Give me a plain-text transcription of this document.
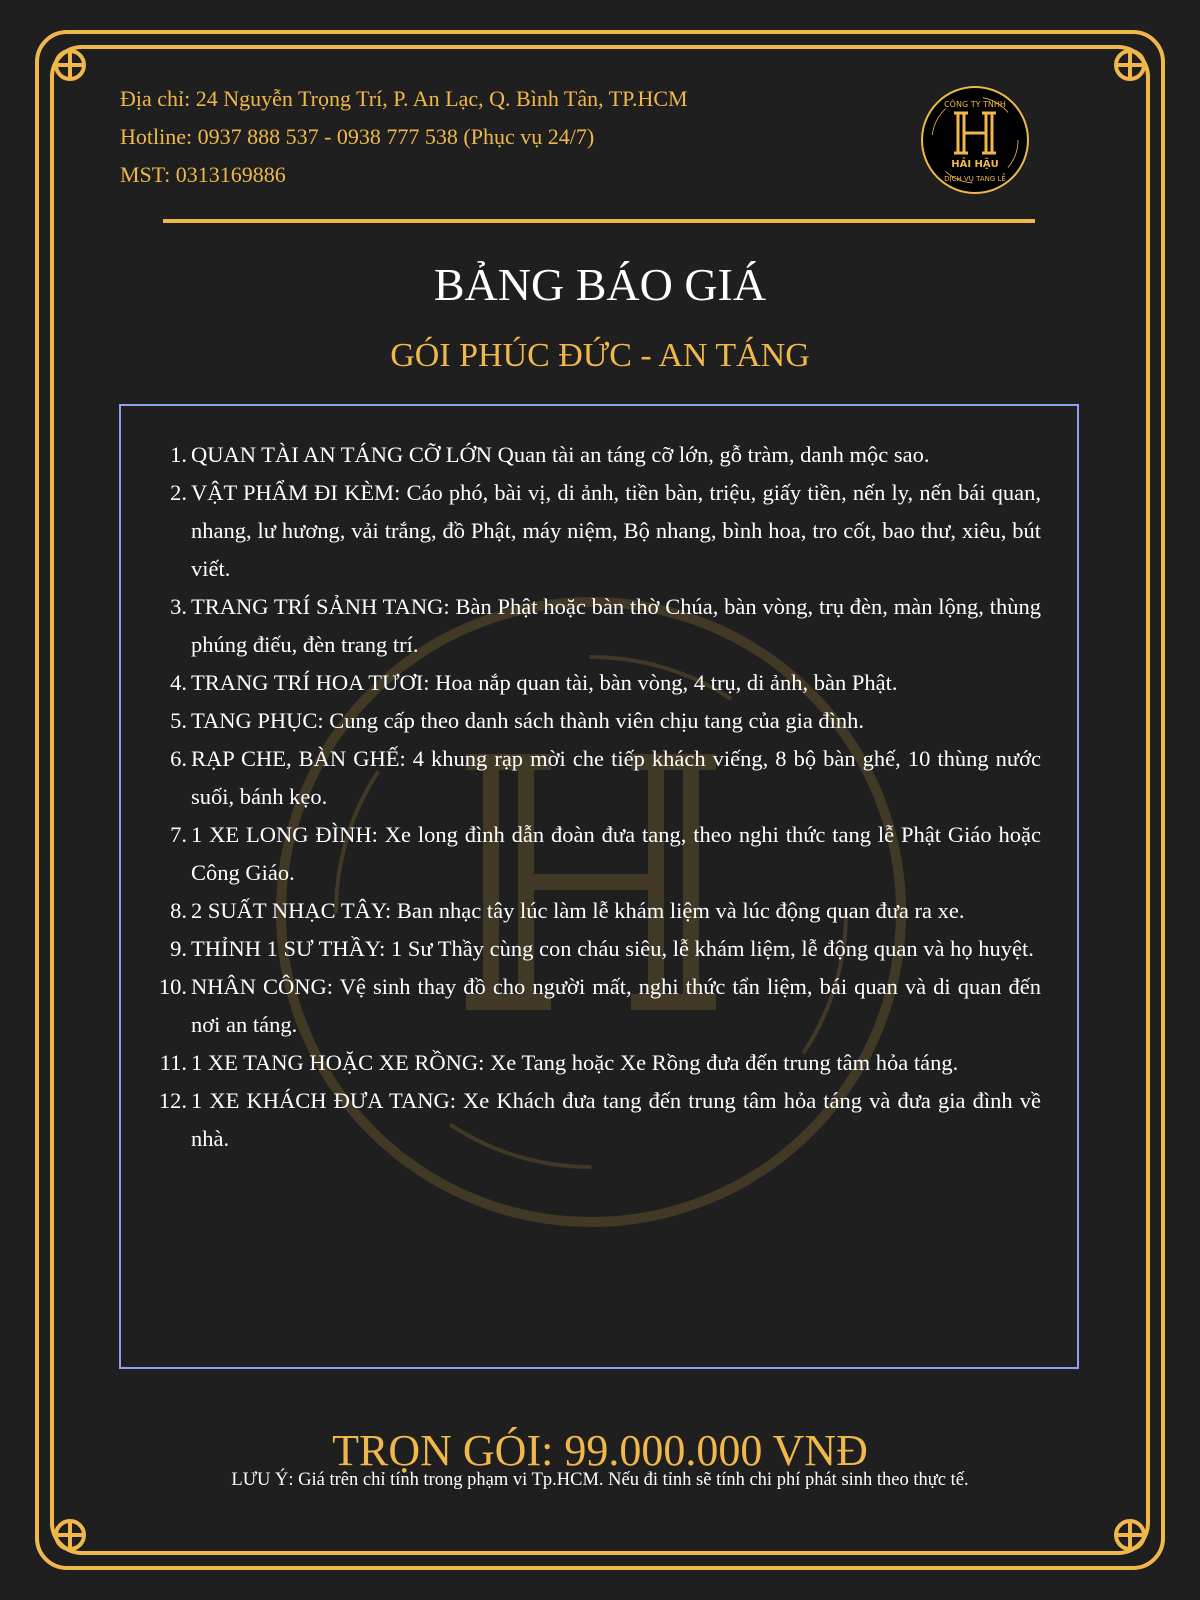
Địa chỉ: 24 Nguyễn Trọng Trí, P. An Lạc, Q. Bình Tân, TP.HCM
Hotline: 0937 888 537 - 0938 777 538 (Phục vụ 24/7)
MST: 0313169886
CÔNG TY TNHH
HẢI HẬU
DỊCH VỤ TANG LỄ
BẢNG BÁO GIÁ
GÓI PHÚC ĐỨC - AN TÁNG
1. QUAN TÀI AN TÁNG CỠ LỚN Quan tài an táng cỡ lớn, gỗ tràm, danh mộc sao.
2. VẬT PHẨM ĐI KÈM: Cáo phó, bài vị, di ảnh, tiền bàn, triệu, giấy tiền, nến ly, nến bái quan, nhang, lư hương, vải trắng, đồ Phật, máy niệm, Bộ nhang, bình hoa, tro cốt, bao thư, xiêu, bút viết.
3. TRANG TRÍ SẢNH TANG: Bàn Phật hoặc bàn thờ Chúa, bàn vòng, trụ đèn, màn lộng, thùng phúng điếu, đèn trang trí.
4. TRANG TRÍ HOA TƯƠI: Hoa nắp quan tài, bàn vòng, 4 trụ, di ảnh, bàn Phật.
5. TANG PHỤC: Cung cấp theo danh sách thành viên chịu tang của gia đình.
6. RẠP CHE, BÀN GHẾ: 4 khung rạp mời che tiếp khách viếng, 8 bộ bàn ghế, 10 thùng nước suối, bánh kẹo.
7. 1 XE LONG ĐÌNH: Xe long đình dẫn đoàn đưa tang, theo nghi thức tang lễ Phật Giáo hoặc Công Giáo.
8. 2 SUẤT NHẠC TÂY: Ban nhạc tây lúc làm lễ khám liệm và lúc động quan đưa ra xe.
9. THỈNH 1 SƯ THẦY: 1 Sư Thầy cùng con cháu siêu, lễ khám liệm, lễ động quan và họ huyệt.
10. NHÂN CÔNG: Vệ sinh thay đồ cho người mất, nghi thức tẩn liệm, bái quan và di quan đến nơi an táng.
11. 1 XE TANG HOẶC XE RỒNG: Xe Tang hoặc Xe Rồng đưa đến trung tâm hỏa táng.
12. 1 XE KHÁCH ĐƯA TANG: Xe Khách đưa tang đến trung tâm hỏa táng và đưa gia đình về nhà.
TRỌN GÓI: 99.000.000 VNĐ
LƯU Ý: Giá trên chỉ tính trong phạm vi Tp.HCM. Nếu đi tỉnh sẽ tính chi phí phát sinh theo thực tế.
